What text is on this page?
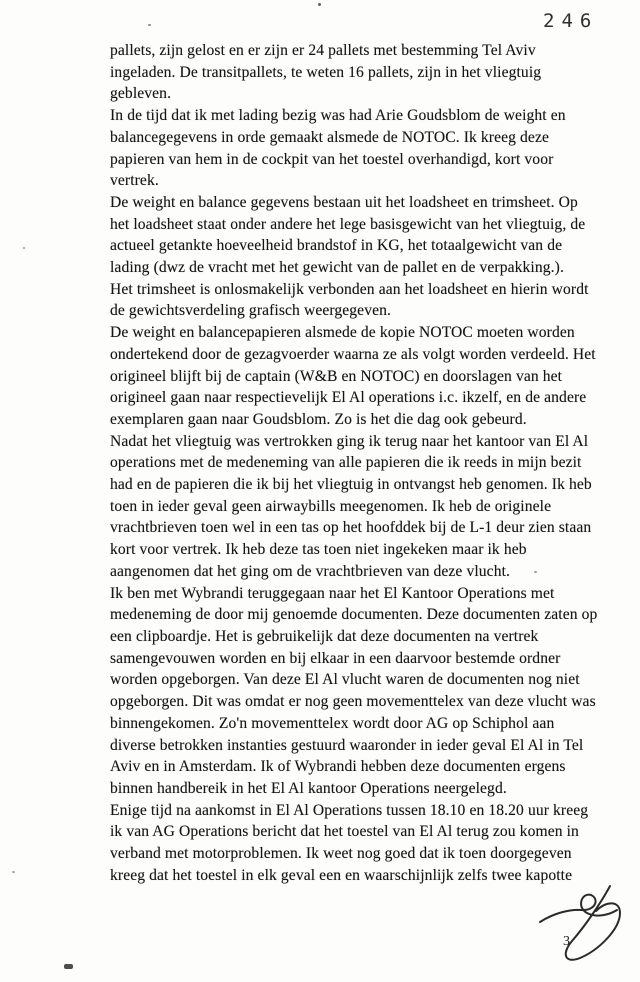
246
pallets, zijn gelost en er zijn er 24 pallets met bestemming Tel Aviv
ingeladen. De transitpallets, te weten 16 pallets, zijn in het vliegtuig
gebleven.
In de tijd dat ik met lading bezig was had Arie Goudsblom de weight en
balancegegevens in orde gemaakt alsmede de NOTOC. Ik kreeg deze
papieren van hem in de cockpit van het toestel overhandigd, kort voor
vertrek.
De weight en balance gegevens bestaan uit het loadsheet en trimsheet. Op
het loadsheet staat onder andere het lege basisgewicht van het vliegtuig, de
actueel getankte hoeveelheid brandstof in KG, het totaalgewicht van de
lading (dwz de vracht met het gewicht van de pallet en de verpakking.).
Het trimsheet is onlosmakelijk verbonden aan het loadsheet en hierin wordt
de gewichtsverdeling grafisch weergegeven.
De weight en balancepapieren alsmede de kopie NOTOC moeten worden
ondertekend door de gezagvoerder waarna ze als volgt worden verdeeld. Het
origineel blijft bij de captain (W&B en NOTOC) en doorslagen van het
origineel gaan naar respectievelijk El Al operations i.c. ikzelf, en de andere
exemplaren gaan naar Goudsblom. Zo is het die dag ook gebeurd.
Nadat het vliegtuig was vertrokken ging ik terug naar het kantoor van El Al
operations met de medeneming van alle papieren die ik reeds in mijn bezit
had en de papieren die ik bij het vliegtuig in ontvangst heb genomen. Ik heb
toen in ieder geval geen airwaybills meegenomen. Ik heb de originele
vrachtbrieven toen wel in een tas op het hoofddek bij de L-1 deur zien staan
kort voor vertrek. Ik heb deze tas toen niet ingekeken maar ik heb
aangenomen dat het ging om de vrachtbrieven van deze vlucht.
Ik ben met Wybrandi teruggegaan naar het El Kantoor Operations met
medeneming de door mij genoemde documenten. Deze documenten zaten op
een clipboardje. Het is gebruikelijk dat deze documenten na vertrek
samengevouwen worden en bij elkaar in een daarvoor bestemde ordner
worden opgeborgen. Van deze El Al vlucht waren de documenten nog niet
opgeborgen. Dit was omdat er nog geen movementtelex van deze vlucht was
binnengekomen. Zo'n movementtelex wordt door AG op Schiphol aan
diverse betrokken instanties gestuurd waaronder in ieder geval El Al in Tel
Aviv en in Amsterdam. Ik of Wybrandi hebben deze documenten ergens
binnen handbereik in het El Al kantoor Operations neergelegd.
Enige tijd na aankomst in El Al Operations tussen 18.10 en 18.20 uur kreeg
ik van AG Operations bericht dat het toestel van El Al terug zou komen in
verband met motorproblemen. Ik weet nog goed dat ik toen doorgegeven
kreeg dat het toestel in elk geval een en waarschijnlijk zelfs twee kapotte
3
